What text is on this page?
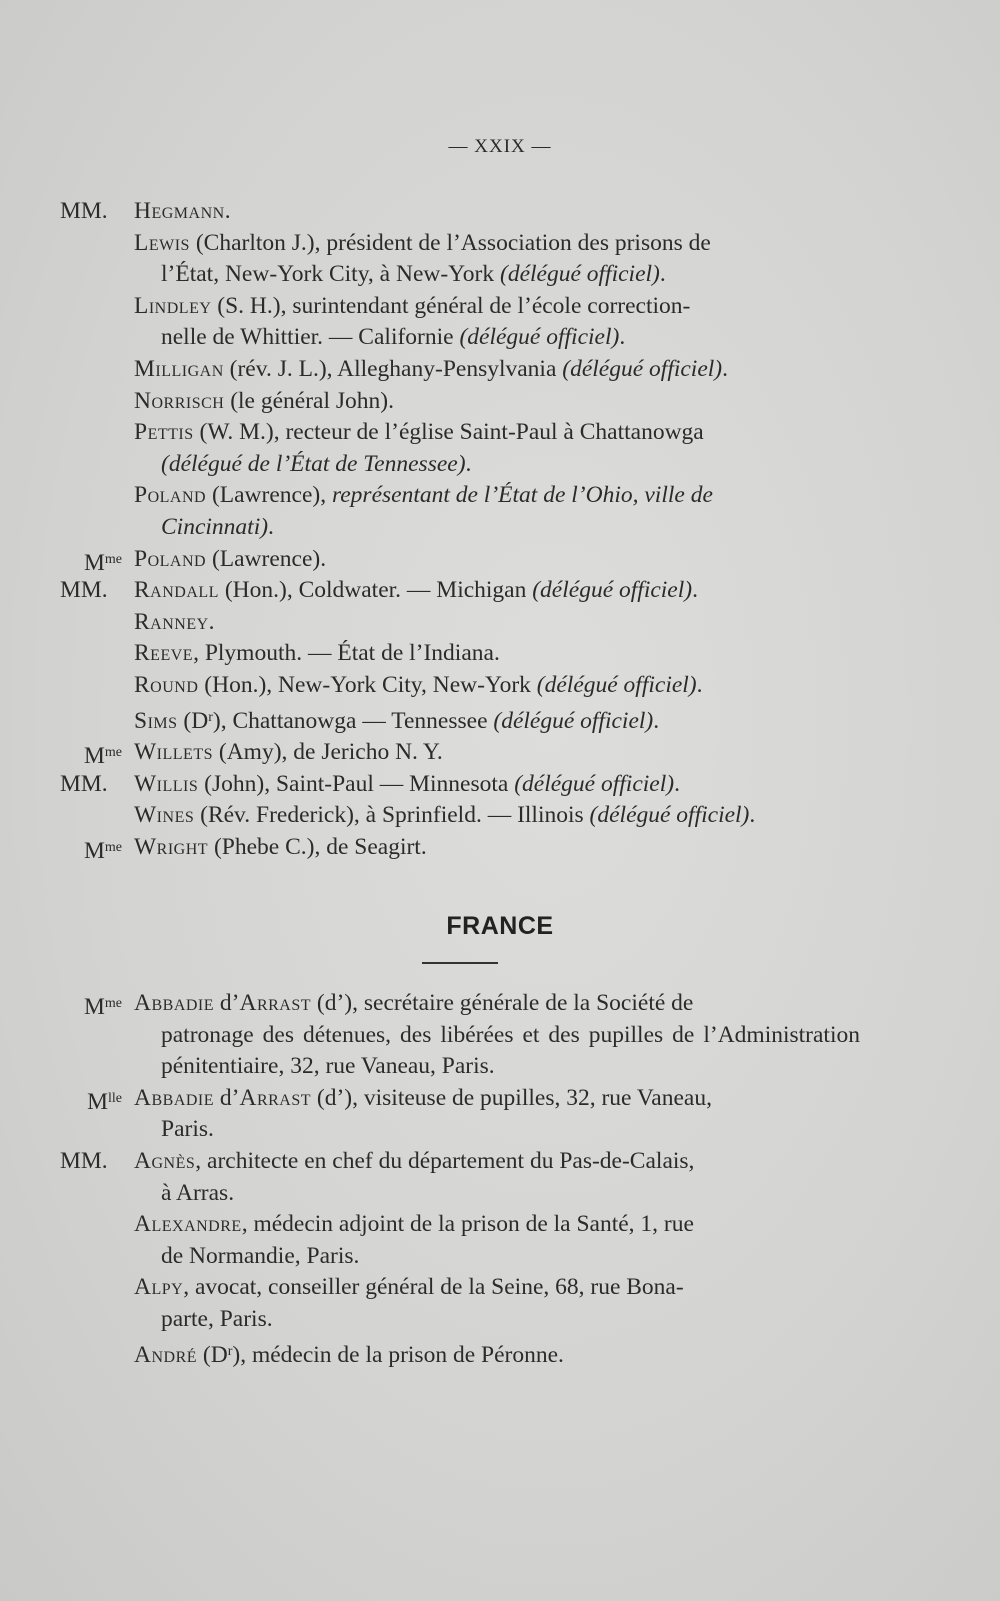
— XXIX —
MM.	Hegmann.
Lewis (Charlton J.), président de l’Association des prisons de
l’État, New-York City, à New-York (délégué officiel).
Lindley (S. H.), surintendant général de l’école correction-
nelle de Whittier. — Californie (délégué officiel).
Milligan (rév. J. L.), Alleghany-Pensylvania (délégué officiel).
Norrisch (le général John).
Pettis (W. M.), recteur de l’église Saint-Paul à Chattanowga
(délégué de l’État de Tennessee).
Poland (Lawrence), représentant de l’État de l’Ohio, ville de
Cincinnati).
$M^{me}$ Poland (Lawrence).
MM.	Randall (Hon.), Coldwater. — Michigan (délégué officiel).
Ranney.
Reeve, Plymouth. — État de l’Indiana.
Round (Hon.), New-York City, New-York (délégué officiel).
Sims $(D^r)$, Chattanowga — Tennessee (délégué officiel).
$M^{me}$ Willets (Amy), de Jericho N. Y.
MM.	Willis (John), Saint-Paul — Minnesota (délégué officiel).
Wines (Rév. Frederick), à Sprinfield. — Illinois (délégué officiel).
$M^{me}$ Wright (Phebe C.), de Seagirt.
FRANCE
$M^{me}$ Abbadie d’Arrast (d’), secrétaire générale de la Société de
patronage des détenues, des libérées et des pupilles de l’Administration pénitentiaire, 32, rue Vaneau, Paris.
$M^{lle}$ Abbadie d’Arrast (d’), visiteuse de pupilles, 32, rue Vaneau,
Paris.
MM.	Agnès, architecte en chef du département du Pas-de-Calais,
à Arras.
Alexandre, médecin adjoint de la prison de la Santé, 1, rue
de Normandie, Paris.
Alpy, avocat, conseiller général de la Seine, 68, rue Bona-
parte, Paris.
André $(D^r)$, médecin de la prison de Péronne.
